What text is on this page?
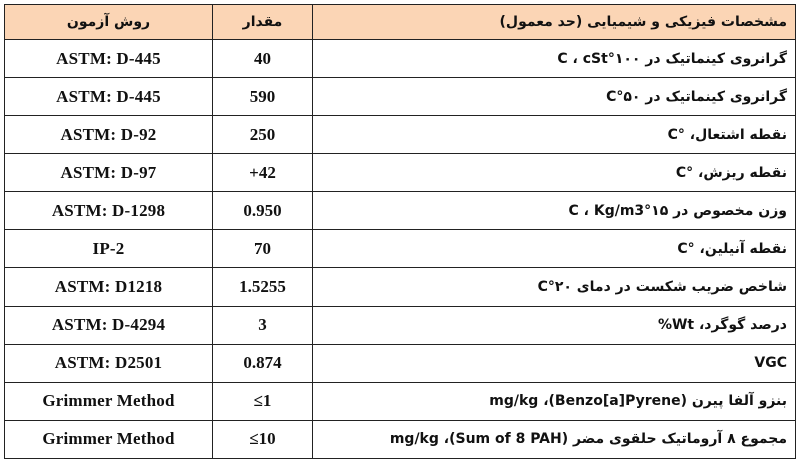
روش آزمون	مقدار	مشخصات فیزیکی و شیمیایی (حد معمول)
ASTM: D-445	40	گرانروی کینماتیک در ۱۰۰°C ، cSt
ASTM: D-445	590	گرانروی کینماتیک در ۵۰°C
ASTM: D-92	250	نقطه اشتعال، °C
ASTM: D-97	+42	نقطه ریزش، °C
ASTM: D-1298	0.950	وزن مخصوص در ۱۵°C ، Kg/m3
IP-2	70	نقطه آنیلین، °C
ASTM: D1218	1.5255	شاخص ضریب شکست در دمای ۲۰°C
ASTM: D-4294	3	درصد گوگرد، Wt%
ASTM: D2501	0.874	VGC
Grimmer Method	≤1	بنزو آلفا پیرن (Benzo[a]Pyrene)، mg/kg
Grimmer Method	≤10	مجموع ۸ آروماتیک حلقوی مضر (Sum of 8 PAH)، mg/kg
